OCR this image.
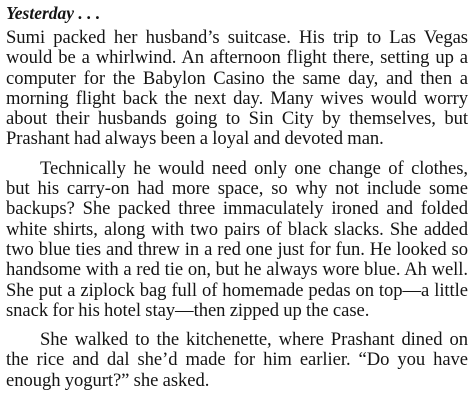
Yesterday . . .

Sumi packed her husband’s suitcase. His trip to Las Vegas would be a whirlwind. An afternoon flight there, setting up a computer for the Babylon Casino the same day, and then a morning flight back the next day. Many wives would worry about their husbands going to Sin City by themselves, but Prashant had always been a loyal and devoted man.

Technically he would need only one change of clothes, but his carry-on had more space, so why not include some backups? She packed three immaculately ironed and folded white shirts, along with two pairs of black slacks. She added two blue ties and threw in a red one just for fun. He looked so handsome with a red tie on, but he always wore blue. Ah well. She put a ziplock bag full of homemade pedas on top—a little snack for his hotel stay—then zipped up the case.

She walked to the kitchenette, where Prashant dined on the rice and dal she’d made for him earlier. “Do you have enough yogurt?” she asked.
